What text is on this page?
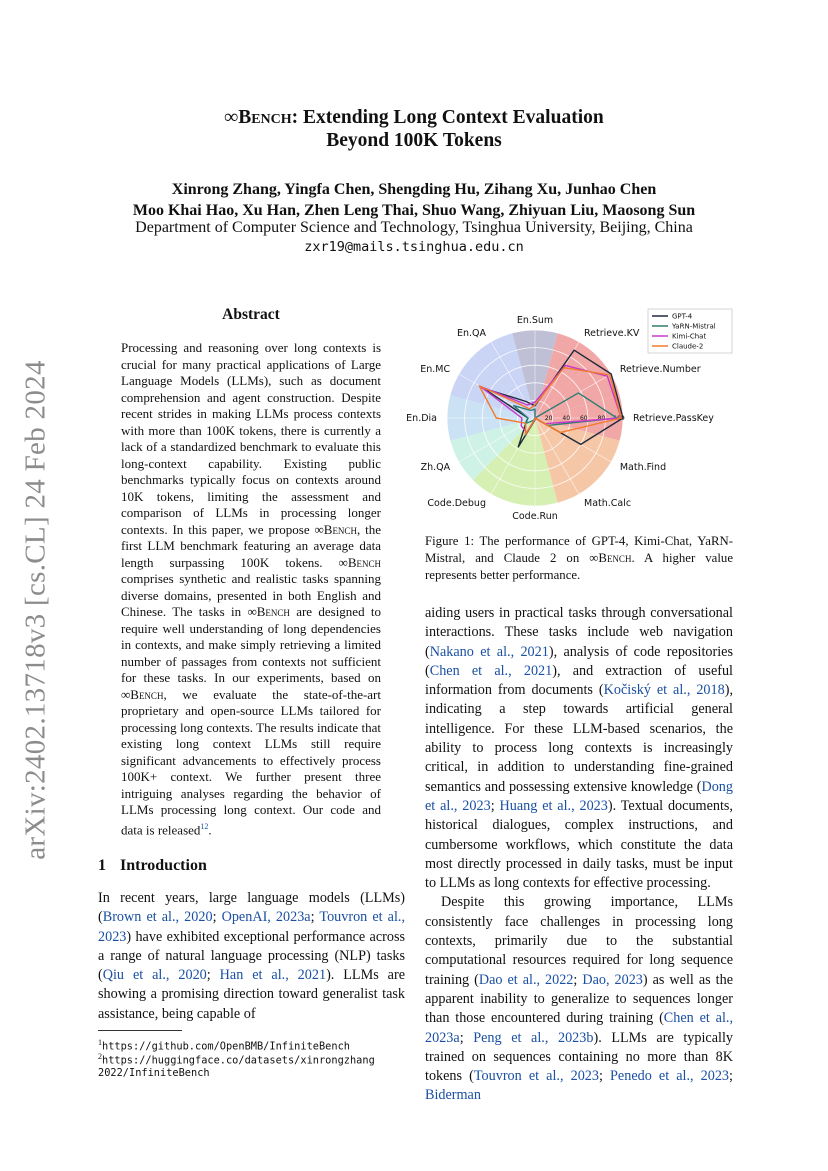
arXiv:2402.13718v3 [cs.CL] 24 Feb 2024
∞Bench: Extending Long Context Evaluation
Beyond 100K Tokens
Xinrong Zhang, Yingfa Chen, Shengding Hu, Zihang Xu, Junhao Chen
Moo Khai Hao, Xu Han, Zhen Leng Thai, Shuo Wang, Zhiyuan Liu, Maosong Sun
Department of Computer Science and Technology, Tsinghua University, Beijing, China
zxr19@mails.tsinghua.edu.cn
Abstract
Processing and reasoning over long contexts is crucial for many practical applications of Large Language Models (LLMs), such as document comprehension and agent construction. Despite recent strides in making LLMs process contexts with more than 100K tokens, there is currently a lack of a standardized benchmark to evaluate this long-context capability. Existing public benchmarks typically focus on contexts around 10K tokens, limiting the assessment and comparison of LLMs in processing longer contexts. In this paper, we propose ∞Bench, the first LLM benchmark featuring an average data length surpassing 100K tokens. ∞Bench comprises synthetic and realistic tasks spanning diverse domains, presented in both English and Chinese. The tasks in ∞Bench are designed to require well understanding of long dependencies in contexts, and make simply retrieving a limited number of passages from contexts not sufficient for these tasks. In our experiments, based on ∞Bench, we evaluate the state-of-the-art proprietary and open-source LLMs tailored for processing long contexts. The results indicate that existing long context LLMs still require significant advancements to effectively process 100K+ context. We further present three intriguing analyses regarding the behavior of LLMs processing long context. Our code and data is released$^{12}$.
1 Introduction
In recent years, large language models (LLMs) (Brown et al., 2020; OpenAI, 2023a; Touvron et al., 2023) have exhibited exceptional performance across a range of natural language processing (NLP) tasks (Qiu et al., 2020; Han et al., 2021). LLMs are showing a promising direction toward generalist task assistance, being capable of
$^1$https://github.com/OpenBMB/InfiniteBench
$^2$https://huggingface.co/datasets/xinrongzhang
2022/InfiniteBench
20 40 60 80 100
En.Sum
Retrieve.KV
Retrieve.Number
Retrieve.PassKey
Math.Find
Math.Calc
Code.Run
Code.Debug
Zh.QA
En.Dia
En.MC
En.QA
GPT-4
YaRN-Mistral
Kimi-Chat
Claude-2
Figure 1: The performance of GPT-4, Kimi-Chat, YaRN-Mistral, and Claude 2 on ∞Bench. A higher value represents better performance.

aiding users in practical tasks through conversational interactions. These tasks include web navigation (Nakano et al., 2021), analysis of code repositories (Chen et al., 2021), and extraction of useful information from documents (Kočiský et al., 2018), indicating a step towards artificial general intelligence. For these LLM-based scenarios, the ability to process long contexts is increasingly critical, in addition to understanding fine-grained semantics and possessing extensive knowledge (Dong et al., 2023; Huang et al., 2023). Textual documents, historical dialogues, complex instructions, and cumbersome workflows, which constitute the data most directly processed in daily tasks, must be input to LLMs as long contexts for effective processing.

Despite this growing importance, LLMs consistently face challenges in processing long contexts, primarily due to the substantial computational resources required for long sequence training (Dao et al., 2022; Dao, 2023) as well as the apparent inability to generalize to sequences longer than those encountered during training (Chen et al., 2023a; Peng et al., 2023b). LLMs are typically trained on sequences containing no more than 8K tokens (Touvron et al., 2023; Penedo et al., 2023; Biderman
